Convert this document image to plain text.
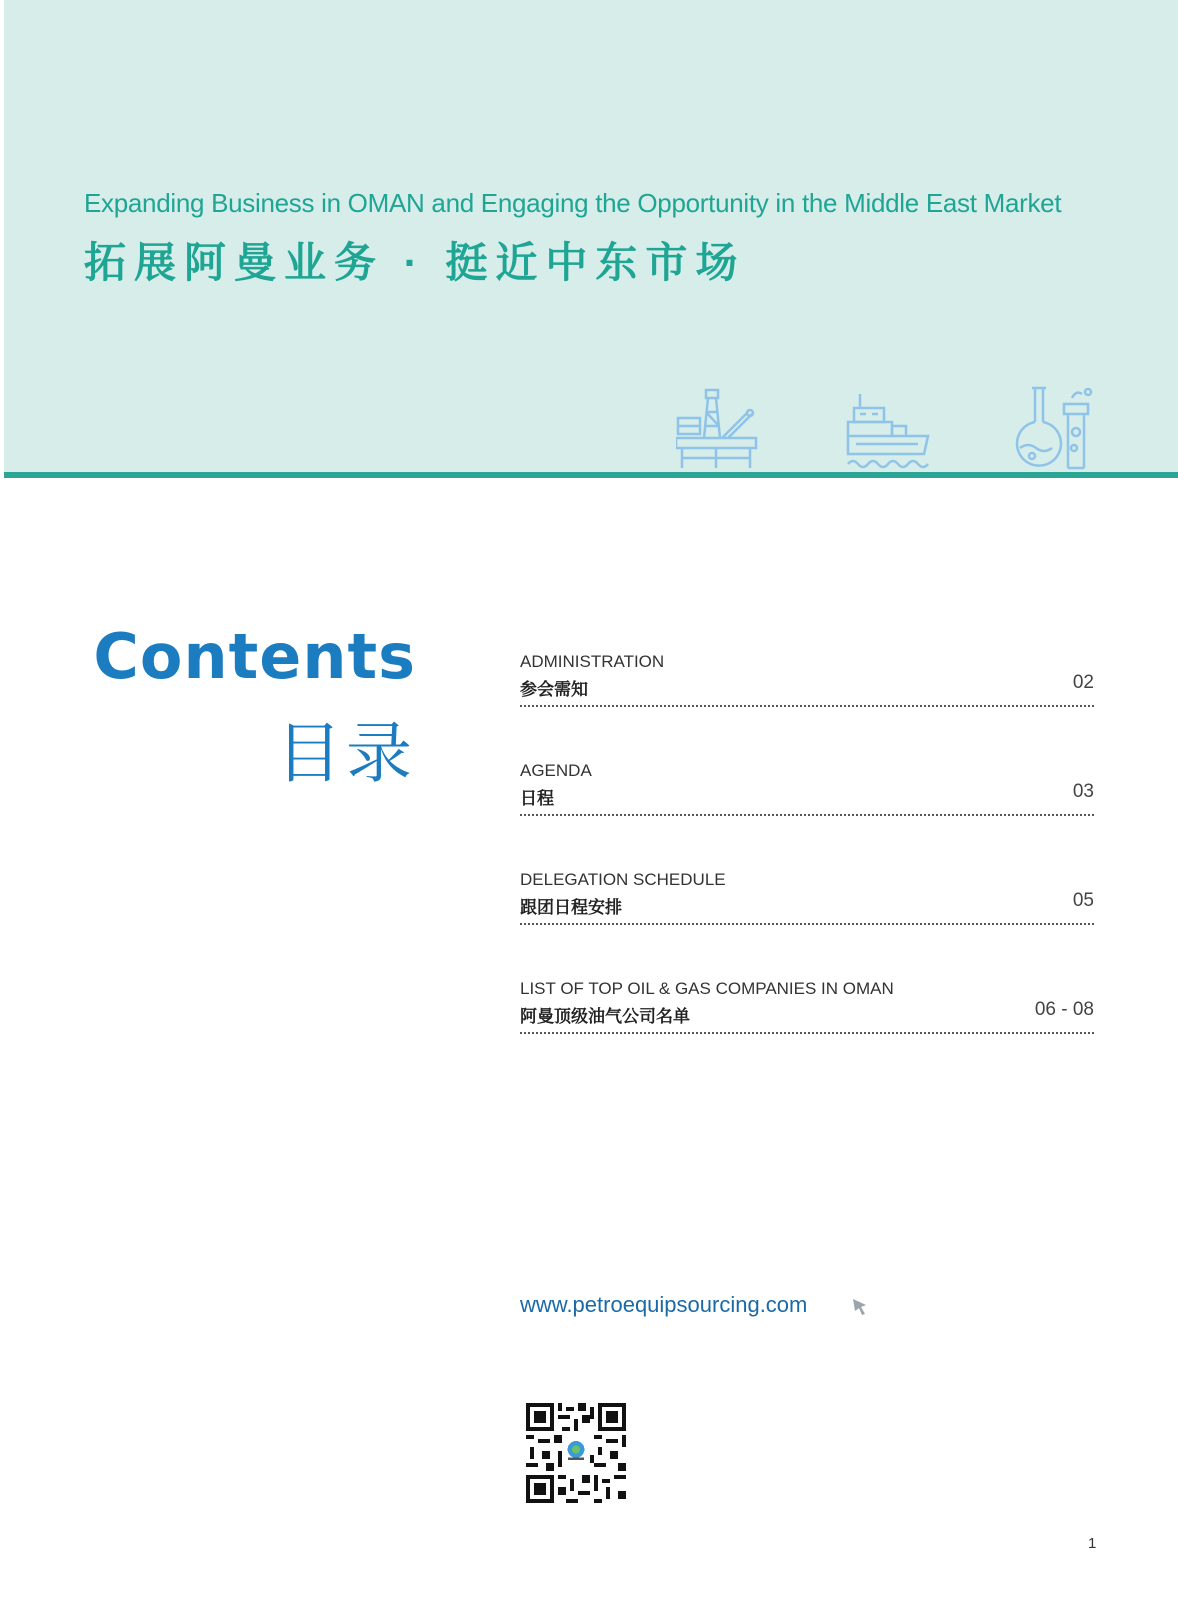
Expanding Business in OMAN and Engaging the Opportunity in the Middle East Market
拓展阿曼业务 · 挺近中东市场
Contents
目录
ADMINISTRATION
参会需知	02
AGENDA
日程	03
DELEGATION SCHEDULE
跟团日程安排	05
LIST OF TOP OIL & GAS COMPANIES IN OMAN
阿曼顶级油气公司名单	06 - 08
www.petroequipsourcing.com
1
